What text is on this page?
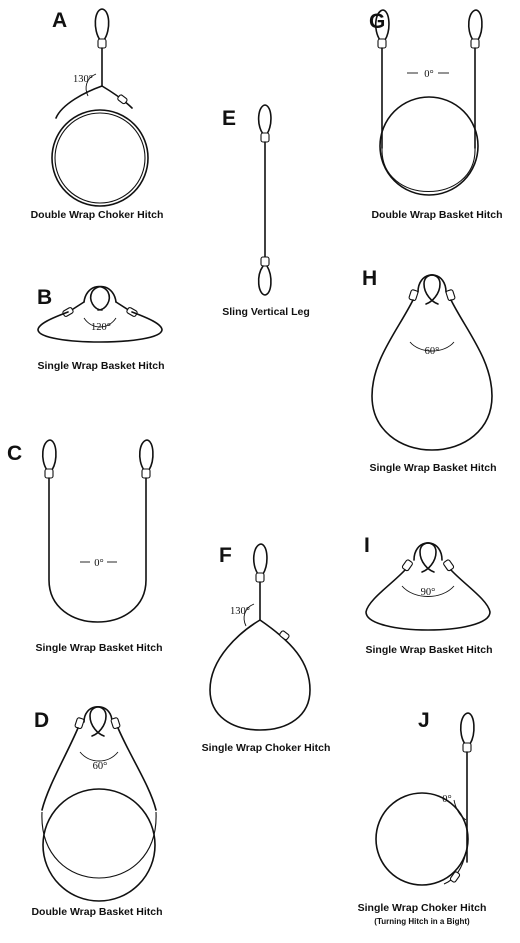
A
130°
Double Wrap Choker Hitch
B
120°
Single Wrap Basket Hitch
C
0°
Single Wrap Basket Hitch
D
60°
Double Wrap Basket Hitch
E
Sling Vertical Leg
F
130°
Single Wrap Choker Hitch
G
0°
Double Wrap Basket Hitch
H
60°
Single Wrap Basket Hitch
I
90°
Single Wrap Basket Hitch
J
0°
Single Wrap Choker Hitch
(Turning Hitch in a Bight)
